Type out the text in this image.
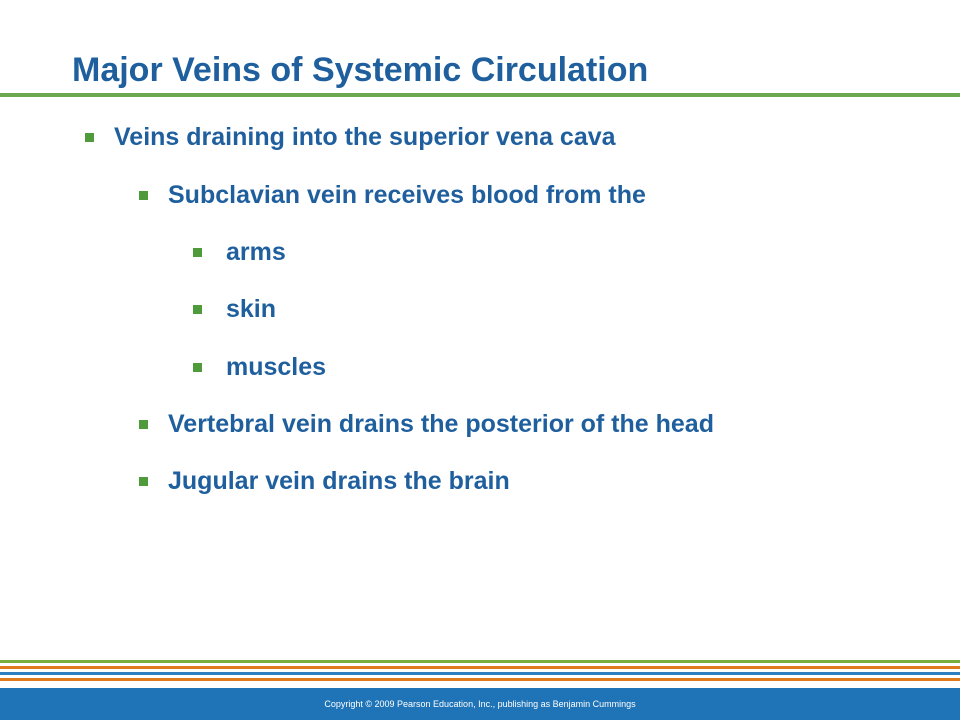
Major Veins of Systemic Circulation
Veins draining into the superior vena cava
Subclavian vein receives blood from the
arms
skin
muscles
Vertebral vein drains the posterior of the head
Jugular vein drains the brain
Copyright © 2009 Pearson Education, Inc., publishing as Benjamin Cummings
